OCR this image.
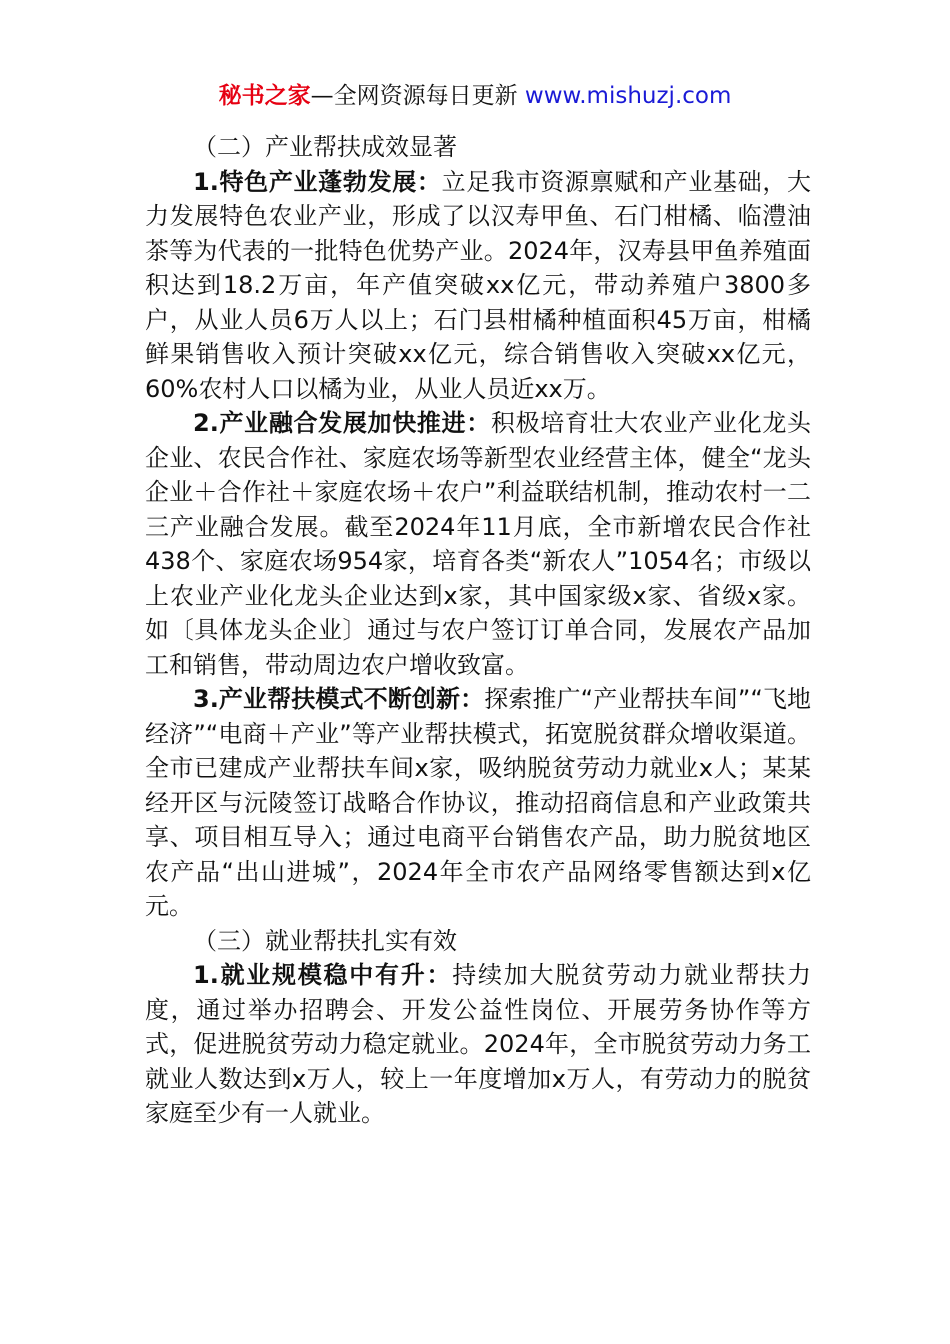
秘书之家—全网资源每日更新 www.mishuzj.com

（二）产业帮扶成效显著

1.特色产业蓬勃发展：立足我市资源禀赋和产业基础，大力发展特色农业产业，形成了以汉寿甲鱼、石门柑橘、临澧油茶等为代表的一批特色优势产业。2024年，汉寿县甲鱼养殖面积达到18.2万亩，年产值突破xx亿元，带动养殖户3800多户，从业人员6万人以上；石门县柑橘种植面积45万亩，柑橘鲜果销售收入预计突破xx亿元，综合销售收入突破xx亿元，60%农村人口以橘为业，从业人员近xx万。

2.产业融合发展加快推进：积极培育壮大农业产业化龙头企业、农民合作社、家庭农场等新型农业经营主体，健全“龙头企业＋合作社＋家庭农场＋农户”利益联结机制，推动农村一二三产业融合发展。截至2024年11月底，全市新增农民合作社438个、家庭农场954家，培育各类“新农人”1054名；市级以上农业产业化龙头企业达到x家，其中国家级x家、省级x家。如〔具体龙头企业〕通过与农户签订订单合同，发展农产品加工和销售，带动周边农户增收致富。

3.产业帮扶模式不断创新：探索推广“产业帮扶车间”“飞地经济”“电商＋产业”等产业帮扶模式，拓宽脱贫群众增收渠道。全市已建成产业帮扶车间x家，吸纳脱贫劳动力就业x人；某某经开区与沅陵签订战略合作协议，推动招商信息和产业政策共享、项目相互导入；通过电商平台销售农产品，助力脱贫地区农产品“出山进城”，2024年全市农产品网络零售额达到x亿元。

（三）就业帮扶扎实有效

1.就业规模稳中有升：持续加大脱贫劳动力就业帮扶力度，通过举办招聘会、开发公益性岗位、开展劳务协作等方式，促进脱贫劳动力稳定就业。2024年，全市脱贫劳动力务工就业人数达到x万人，较上一年度增加x万人，有劳动力的脱贫家庭至少有一人就业。
